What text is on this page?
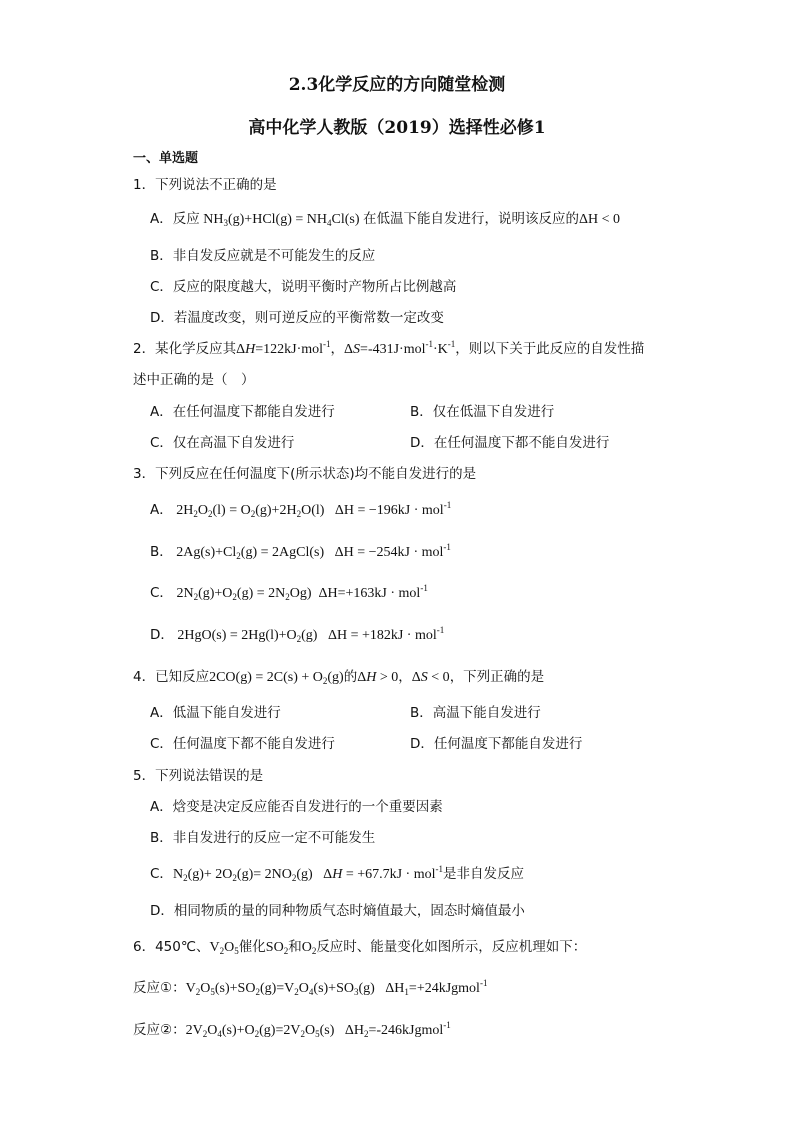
2.3化学反应的方向随堂检测
高中化学人教版（2019）选择性必修1
一、单选题
1．下列说法不正确的是
A．反应 $NH_3(g)+HCl(g) = NH_4Cl(s)$ 在低温下能自发进行，说明该反应的ΔH < 0
B．非自发反应就是不可能发生的反应
C．反应的限度越大，说明平衡时产物所占比例越高
D．若温度改变，则可逆反应的平衡常数一定改变
2．某化学反应其ΔH=122kJ·mol$^{-1}$，$\Delta S=-431J\cdot mol^{-1}\cdot K^{-1}$，则以下关于此反应的自发性描
述中正确的是（　）
A．在任何温度下都能自发进行	B．仅在低温下自发进行
C．仅在高温下自发进行	D．在任何温度下都不能自发进行
3．下列反应在任何温度下(所示状态)均不能自发进行的是
A． $2H_2O_2(l) = O_2(g)+2H_2O(l) \Delta H = -196kJ \cdot mol^{-1}$
B． $2Ag(s)+Cl_2(g)$ = 2AgCl(s)   ΔH = −254kJ · mol$^{-1}$
C． $2N_2(g)+O_2(g) = 2N_2Og$)  ΔH=+163kJ · mol$^{-1}$
D． $2HgO(s) = 2Hg(l)+O_2(g) \Delta H = +182kJ \cdot mol^{-1}$
4．已知反应$2CO(g) = 2C(s) + O_2(g)$的ΔH > 0，ΔS < 0，下列正确的是
A．低温下能自发进行	B．高温下能自发进行
C．任何温度下都不能自发进行	D．任何温度下都能自发进行
5．下列说法错误的是
A．焓变是决定反应能否自发进行的一个重要因素
B．非自发进行的反应一定不可能发生
C．$N_2(g)+ 2O_2(g)= 2NO_2(g) \Delta H = +67.7kJ \cdot mol^{-1}$是非自发反应
D．相同物质的量的同种物质气态时熵值最大，固态时熵值最小
6．450℃、$V_2O_5$催化$SO_2$和$O_2$反应时、能量变化如图所示，反应机理如下：
反应①：$V_2O_5(s)+SO_2(g)=V_2O_4(s)+SO_3(g)$   $\Delta H_1=+24kJgmol^{-1}$
反应②：$2V_2O_4(s)+O_2(g)=2V_2O_5(s)$   $\Delta H_2=-246kJgmol^{-1}$
